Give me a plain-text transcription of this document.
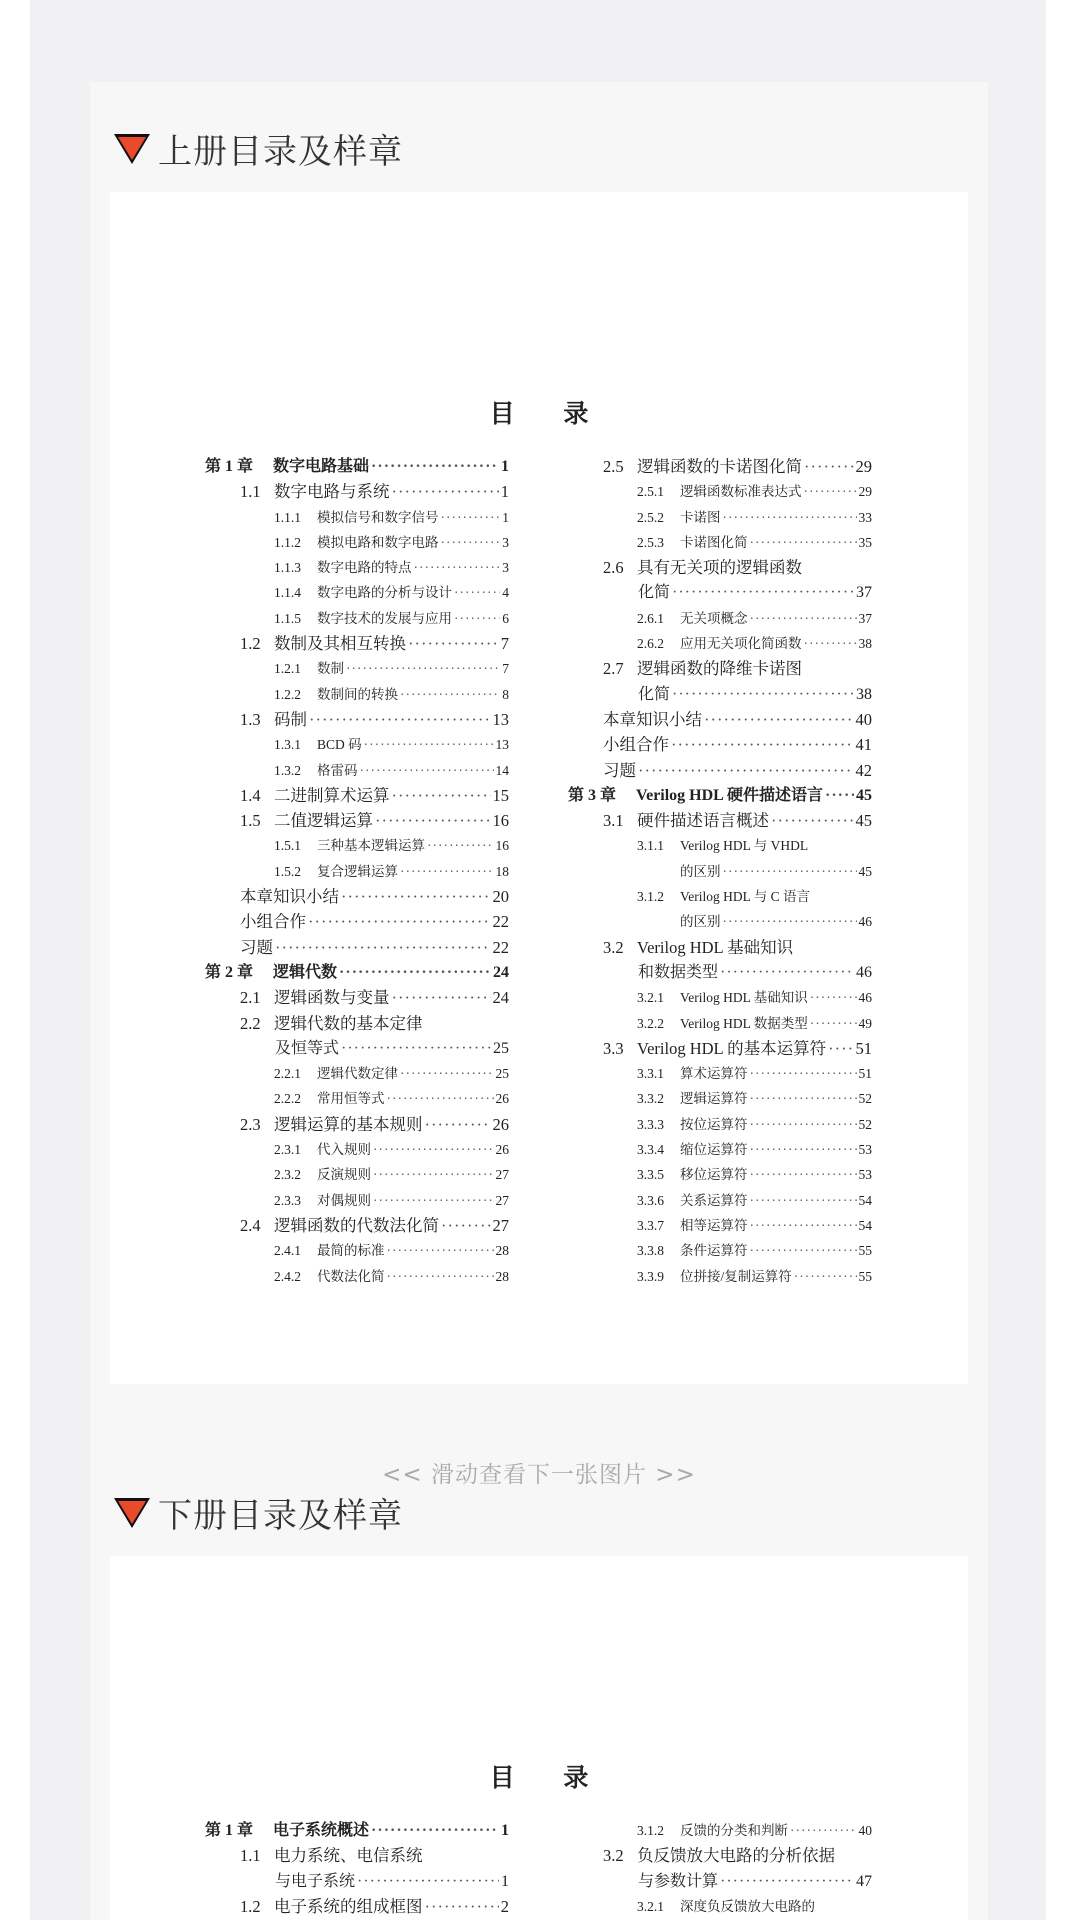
上册目录及样章
目 录
第 1 章	数字电路基础 ·····	1
1.1 数字电路与系统 ·····	1
1.1.1	模拟信号和数字信号 ·····	1
1.1.2	模拟电路和数字电路 ·····	3
1.1.3	数字电路的特点 ·····	3
1.1.4	数字电路的分析与设计 ·····	4
1.1.5	数字技术的发展与应用 ·····	6
1.2 数制及其相互转换 ·····	7
1.2.1	数制 ·····	7
1.2.2	数制间的转换 ·····	8
1.3 码制 ·····	13
1.3.1	BCD 码 ·····	13
1.3.2	格雷码 ·····	14
1.4 二进制算术运算 ·····	15
1.5 二值逻辑运算 ·····	16
1.5.1	三种基本逻辑运算 ·····	16
1.5.2	复合逻辑运算 ·····	18
本章知识小结 ·····	20
小组合作 ·····	22
习题 ·····	22
第 2 章	逻辑代数 ·····	24
2.1 逻辑函数与变量 ·····	24
2.2 逻辑代数的基本定律
及恒等式 ·····	25
2.2.1	逻辑代数定律 ·····	25
2.2.2	常用恒等式 ·····	26
2.3 逻辑运算的基本规则 ·····	26
2.3.1	代入规则 ·····	26
2.3.2	反演规则 ·····	27
2.3.3	对偶规则 ·····	27
2.4 逻辑函数的代数法化简 ·····	27
2.4.1	最简的标准 ·····	28
2.4.2	代数法化简 ·····	28
2.5 逻辑函数的卡诺图化简 ·····	29
2.5.1	逻辑函数标准表达式 ·····	29
2.5.2	卡诺图 ·····	33
2.5.3	卡诺图化简 ·····	35
2.6 具有无关项的逻辑函数
化简 ·····	37
2.6.1	无关项概念 ·····	37
2.6.2	应用无关项化简函数 ·····	38
2.7 逻辑函数的降维卡诺图
化简 ·····	38
本章知识小结 ·····	40
小组合作 ·····	41
习题 ·····	42
第 3 章	Verilog HDL 硬件描述语言 ····· 45
3.1 硬件描述语言概述 ·····	45
3.1.1	Verilog HDL 与 VHDL
的区别 ·····	45
3.1.2	Verilog HDL 与 C 语言
的区别 ·····	46
3.2 Verilog HDL 基础知识
和数据类型 ·····	46
3.2.1	Verilog HDL 基础知识 ·····	46
3.2.2	Verilog HDL 数据类型 ·····	49
3.3 Verilog HDL 的基本运算符 ····· 51
3.3.1	算术运算符 ·····	51
3.3.2	逻辑运算符 ·····	52
3.3.3	按位运算符 ·····	52
3.3.4	缩位运算符 ·····	53
3.3.5	移位运算符 ·····	53
3.3.6	关系运算符 ·····	54
3.3.7	相等运算符 ·····	54
3.3.8	条件运算符 ·····	55
3.3.9	位拼接/复制运算符 ·····	55
<< 滑动查看下一张图片 >>
下册目录及样章
目 录
第 1 章	电子系统概述 ·····	1
1.1 电力系统、电信系统
与电子系统 ·····	1
1.2 电子系统的组成框图 ·····	2
3.1.2	反馈的分类和判断 ·····	40
3.2 负反馈放大电路的分析依据
与参数计算 ·····	47
3.2.1	深度负反馈放大电路的
